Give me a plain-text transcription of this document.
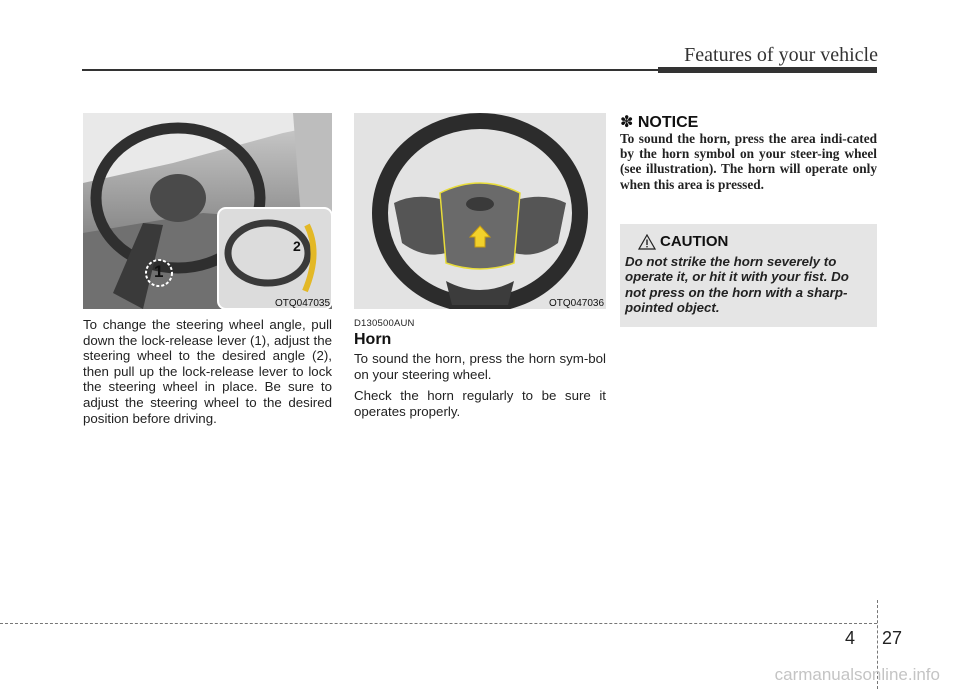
Features of your vehicle
1
2
OTQ047035	OTQ047036

To change the steering wheel angle, pull down the lock-release lever (1), adjust the steering wheel to the desired angle (2), then pull up the lock-release lever to lock the steering wheel in place. Be sure to adjust the steering wheel to the desired position before driving.

D130500AUN
Horn

To sound the horn, press the horn sym-bol on your steering wheel.

Check the horn regularly to be sure it operates properly.

✽ NOTICE

To sound the horn, press the area indi-cated by the horn symbol on your steer-ing wheel (see illustration). The horn will operate only when this area is pressed.

CAUTION

Do not strike the horn severely to operate it, or hit it with your fist. Do not press on the horn with a sharp-pointed object.

4 27
carmanualsonline.info
